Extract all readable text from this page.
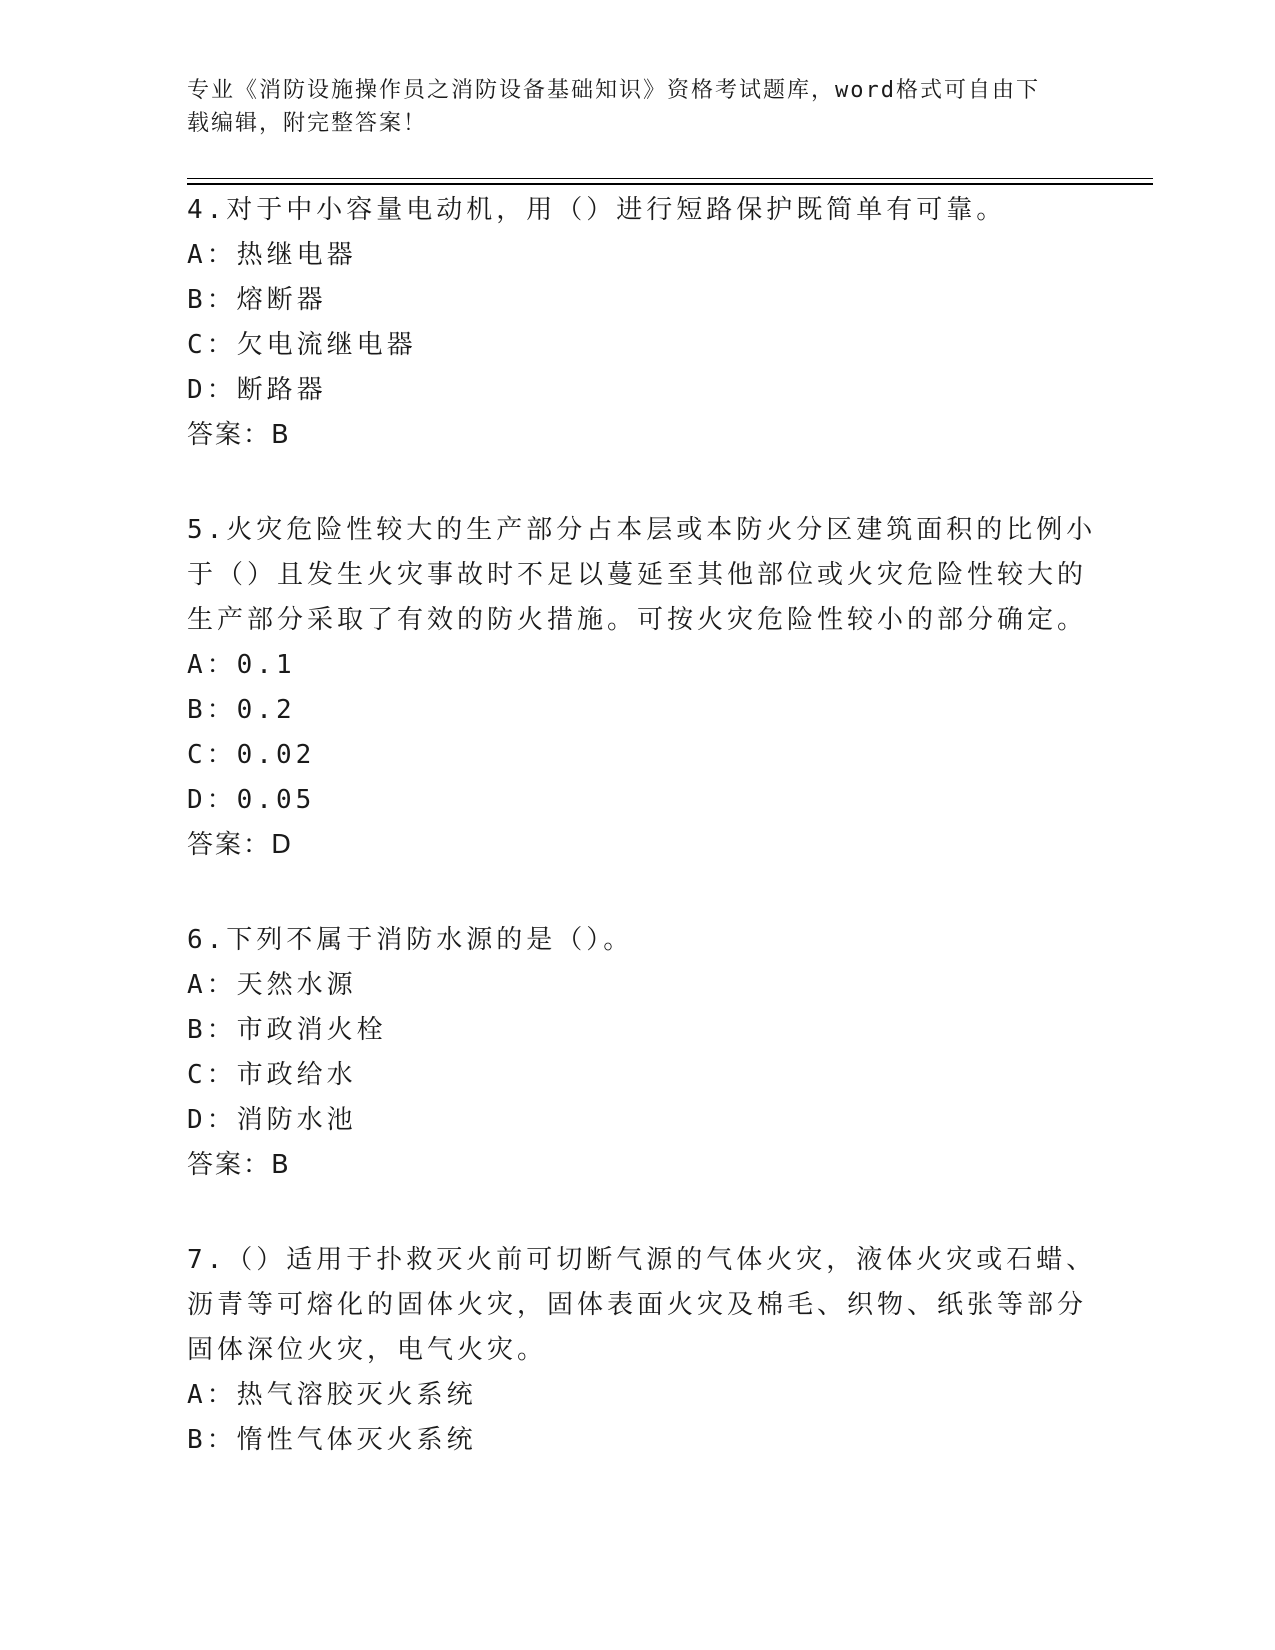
专业《消防设施操作员之消防设备基础知识》资格考试题库，word格式可自由下
载编辑，附完整答案！
4.对于中小容量电动机，用（）进行短路保护既简单有可靠。
A：热继电器
B：熔断器
C：欠电流继电器
D：断路器
答案：B
5.火灾危险性较大的生产部分占本层或本防火分区建筑面积的比例小
于（）且发生火灾事故时不足以蔓延至其他部位或火灾危险性较大的
生产部分采取了有效的防火措施。可按火灾危险性较小的部分确定。
A：0.1
B：0.2
C：0.02
D：0.05
答案：D
6.下列不属于消防水源的是（）。
A：天然水源
B：市政消火栓
C：市政给水
D：消防水池
答案：B
7.（）适用于扑救灭火前可切断气源的气体火灾，液体火灾或石蜡、
沥青等可熔化的固体火灾，固体表面火灾及棉毛、织物、纸张等部分
固体深位火灾，电气火灾。
A：热气溶胶灭火系统
B：惰性气体灭火系统
